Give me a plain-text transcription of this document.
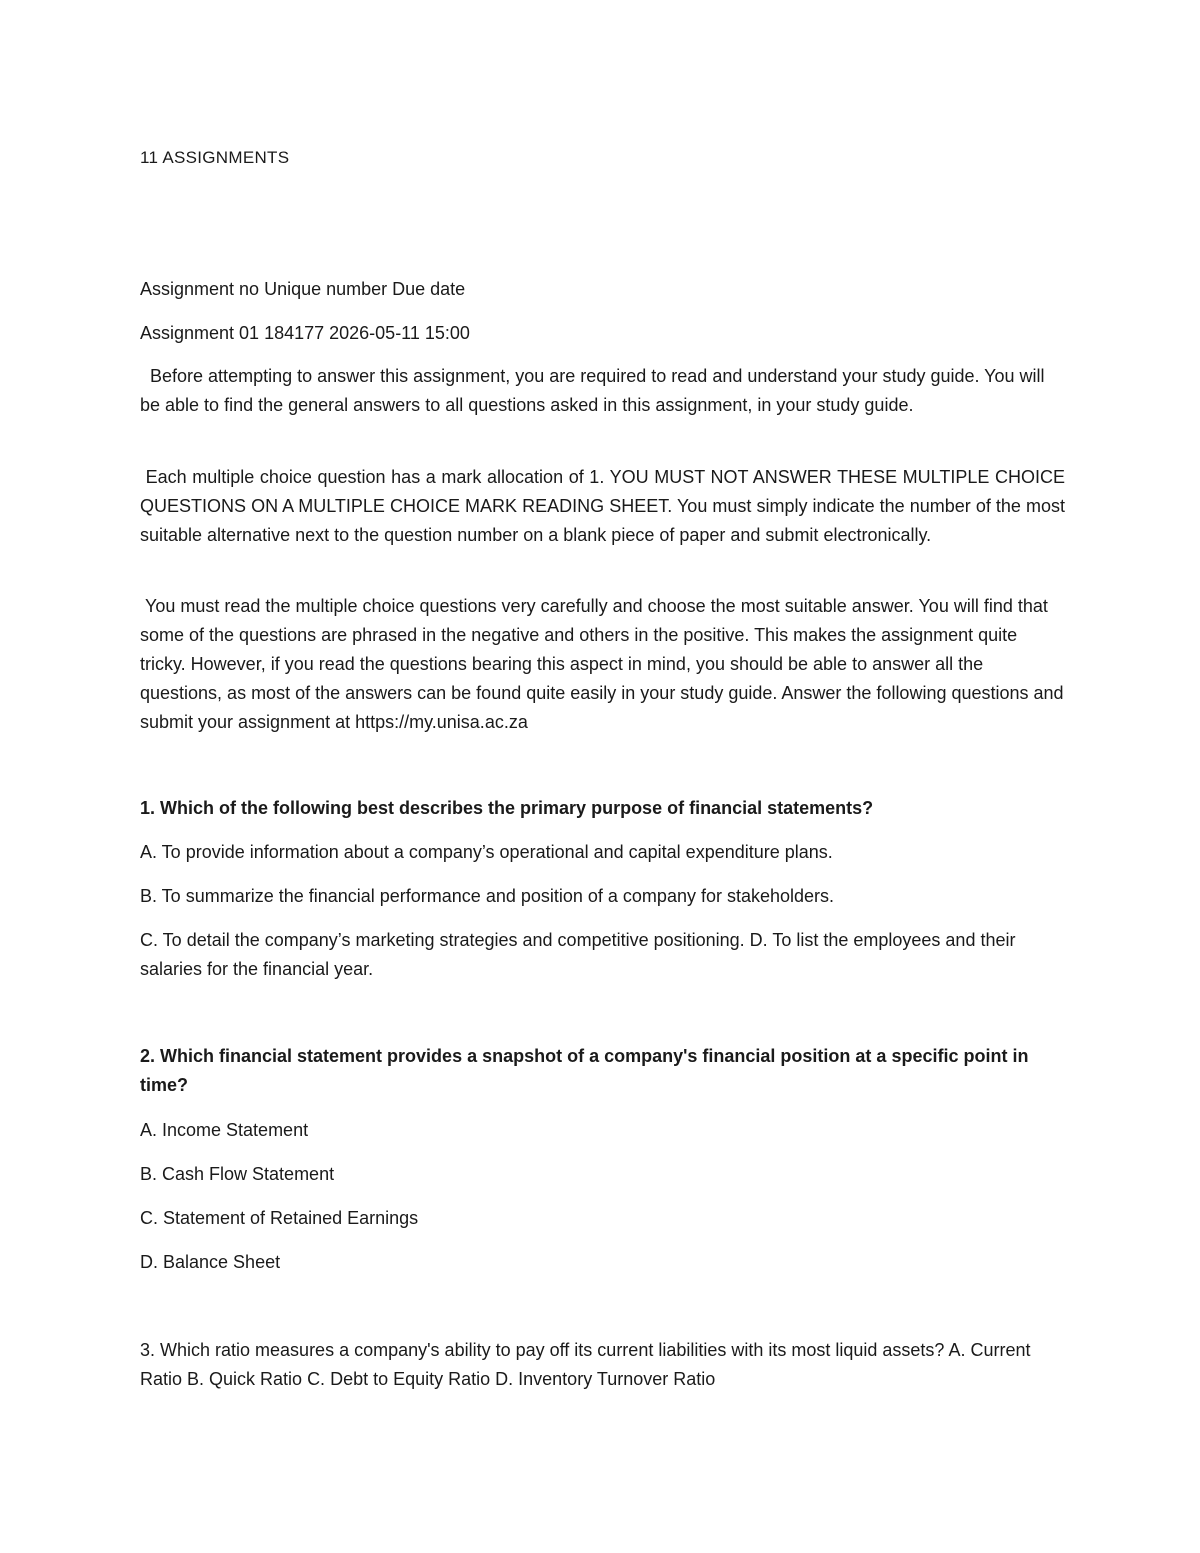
11 ASSIGNMENTS

Assignment no Unique number Due date

Assignment 01 184177 2026-05-11 15:00

Before attempting to answer this assignment, you are required to read and understand your study guide. You will be able to find the general answers to all questions asked in this assignment, in your study guide.

Each multiple choice question has a mark allocation of 1. YOU MUST NOT ANSWER THESE MULTIPLE CHOICE QUESTIONS ON A MULTIPLE CHOICE MARK READING SHEET. You must simply indicate the number of the most suitable alternative next to the question number on a blank piece of paper and submit electronically.

You must read the multiple choice questions very carefully and choose the most suitable answer. You will find that some of the questions are phrased in the negative and others in the positive. This makes the assignment quite tricky. However, if you read the questions bearing this aspect in mind, you should be able to answer all the questions, as most of the answers can be found quite easily in your study guide. Answer the following questions and submit your assignment at https://my.unisa.ac.za

1. Which of the following best describes the primary purpose of financial statements?

A. To provide information about a company’s operational and capital expenditure plans.

B. To summarize the financial performance and position of a company for stakeholders.

C. To detail the company’s marketing strategies and competitive positioning. D. To list the employees and their salaries for the financial year.

2. Which financial statement provides a snapshot of a company's financial position at a specific point in time?

A. Income Statement

B. Cash Flow Statement

C. Statement of Retained Earnings

D. Balance Sheet

3. Which ratio measures a company's ability to pay off its current liabilities with its most liquid assets? A. Current Ratio B. Quick Ratio C. Debt to Equity Ratio D. Inventory Turnover Ratio
